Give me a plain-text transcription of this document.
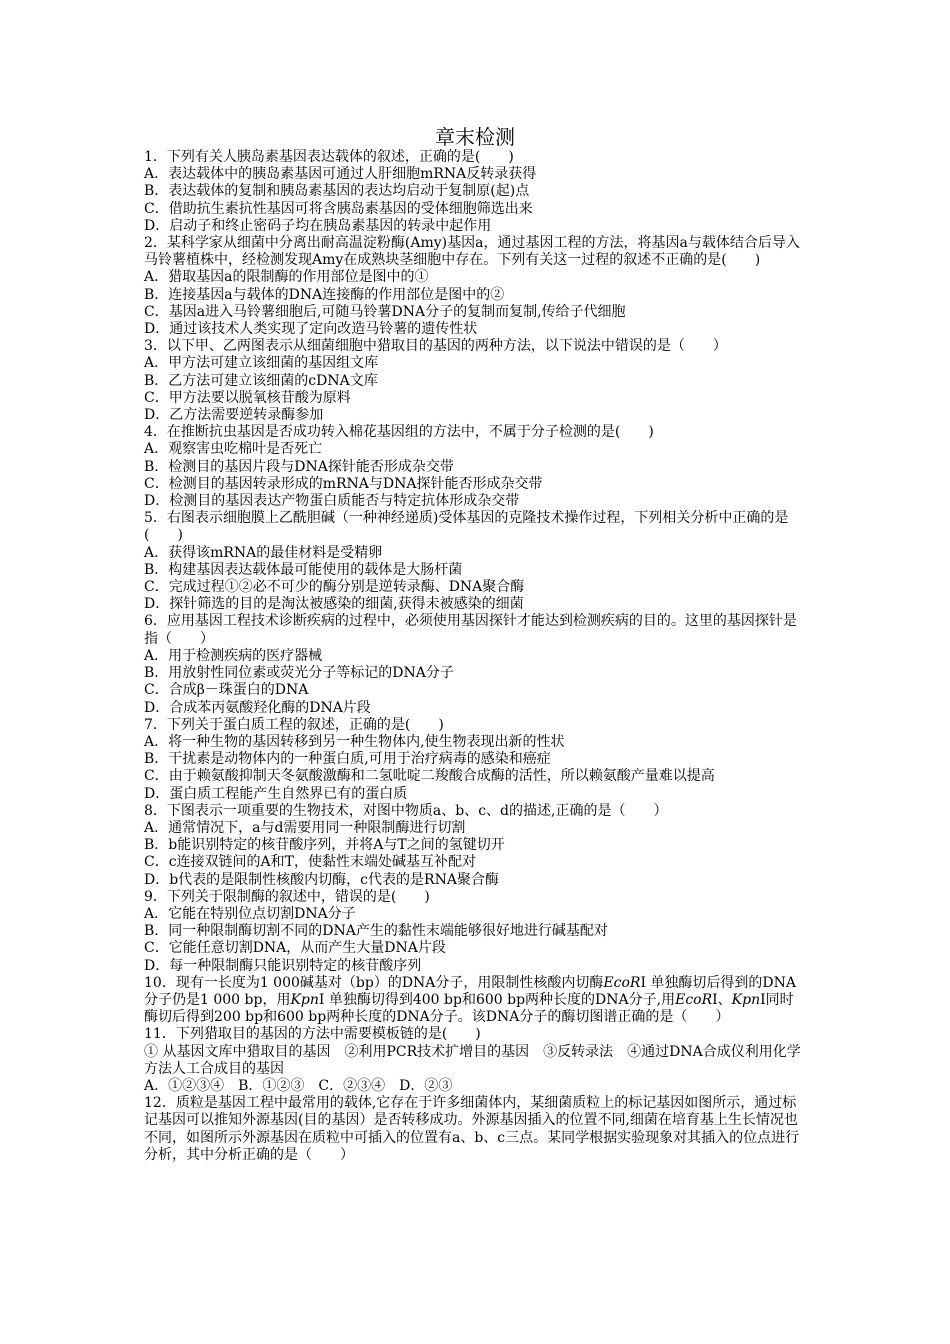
章末检测
1．下列有关人胰岛素基因表达载体的叙述，正确的是(　　)
A．表达载体中的胰岛素基因可通过人肝细胞mRNA反转录获得
B．表达载体的复制和胰岛素基因的表达均启动于复制原(起)点
C．借助抗生素抗性基因可将含胰岛素基因的受体细胞筛选出来
D．启动子和终止密码子均在胰岛素基因的转录中起作用
2．某科学家从细菌中分离出耐高温淀粉酶(Amy)基因a，通过基因工程的方法，将基因a与载体结合后导入马铃薯植株中，经检测发现Amy在成熟块茎细胞中存在。下列有关这一过程的叙述不正确的是(　　)
A．猎取基因a的限制酶的作用部位是图中的①
B．连接基因a与载体的DNA连接酶的作用部位是图中的②
C．基因a进入马铃薯细胞后,可随马铃薯DNA分子的复制而复制,传给子代细胞
D．通过该技术人类实现了定向改造马铃薯的遗传性状
3．以下甲、乙两图表示从细菌细胞中猎取目的基因的两种方法，以下说法中错误的是（　　）
A．甲方法可建立该细菌的基因组文库
B．乙方法可建立该细菌的cDNA文库
C．甲方法要以脱氧核苷酸为原料
D．乙方法需要逆转录酶参加
4．在推断抗虫基因是否成功转入棉花基因组的方法中，不属于分子检测的是(　　)
A．观察害虫吃棉叶是否死亡
B．检测目的基因片段与DNA探针能否形成杂交带
C．检测目的基因转录形成的mRNA与DNA探针能否形成杂交带
D．检测目的基因表达产物蛋白质能否与特定抗体形成杂交带
5．右图表示细胞膜上乙酰胆碱（一种神经递质)受体基因的克隆技术操作过程，下列相关分析中正确的是(　　)
A．获得该mRNA的最佳材料是受精卵
B．构建基因表达载体最可能使用的载体是大肠杆菌
C．完成过程①②必不可少的酶分别是逆转录酶、DNA聚合酶
D．探针筛选的目的是淘汰被感染的细菌,获得未被感染的细菌
6．应用基因工程技术诊断疾病的过程中，必须使用基因探针才能达到检测疾病的目的。这里的基因探针是指（　　）
A．用于检测疾病的医疗器械
B．用放射性同位素或荧光分子等标记的DNA分子
C．合成β－珠蛋白的DNA
D．合成苯丙氨酸羟化酶的DNA片段
7．下列关于蛋白质工程的叙述，正确的是(　　)
A．将一种生物的基因转移到另一种生物体内,使生物表现出新的性状
B．干扰素是动物体内的一种蛋白质,可用于治疗病毒的感染和癌症
C．由于赖氨酸抑制天冬氨酸激酶和二氢吡啶二羧酸合成酶的活性，所以赖氨酸产量难以提高
D．蛋白质工程能产生自然界已有的蛋白质
8．下图表示一项重要的生物技术，对图中物质a、b、c、d的描述,正确的是（　　）
A．通常情况下，a与d需要用同一种限制酶进行切割
B．b能识别特定的核苷酸序列，并将A与T之间的氢键切开
C．c连接双链间的A和T，使黏性末端处碱基互补配对
D．b代表的是限制性核酸内切酶，c代表的是RNA聚合酶
9．下列关于限制酶的叙述中，错误的是(　　)
A．它能在特别位点切割DNA分子
B．同一种限制酶切割不同的DNA产生的黏性末端能够很好地进行碱基配对
C．它能任意切割DNA，从而产生大量DNA片段
D．每一种限制酶只能识别特定的核苷酸序列
10．现有一长度为1 000碱基对（bp）的DNA分子，用限制性核酸内切酶EcoRⅠ 单独酶切后得到的DNA分子仍是1 000 bp，用KpnⅠ 单独酶切得到400 bp和600 bp两种长度的DNA分子,用EcoRⅠ、KpnⅠ同时酶切后得到200 bp和600 bp两种长度的DNA分子。该DNA分子的酶切图谱正确的是（　　）
11．下列猎取目的基因的方法中需要模板链的是(　　)
① 从基因文库中猎取目的基因　②利用PCR技术扩增目的基因　③反转录法　④通过DNA合成仪利用化学方法人工合成目的基因
A．①②③④　B．①②③　C．②③④　D．②③
12．质粒是基因工程中最常用的载体,它存在于许多细菌体内，某细菌质粒上的标记基因如图所示，通过标记基因可以推知外源基因(目的基因）是否转移成功。外源基因插入的位置不同,细菌在培育基上生长情况也不同，如图所示外源基因在质粒中可插入的位置有a、b、c三点。某同学根据实验现象对其插入的位点进行分析，其中分析正确的是（　　）
